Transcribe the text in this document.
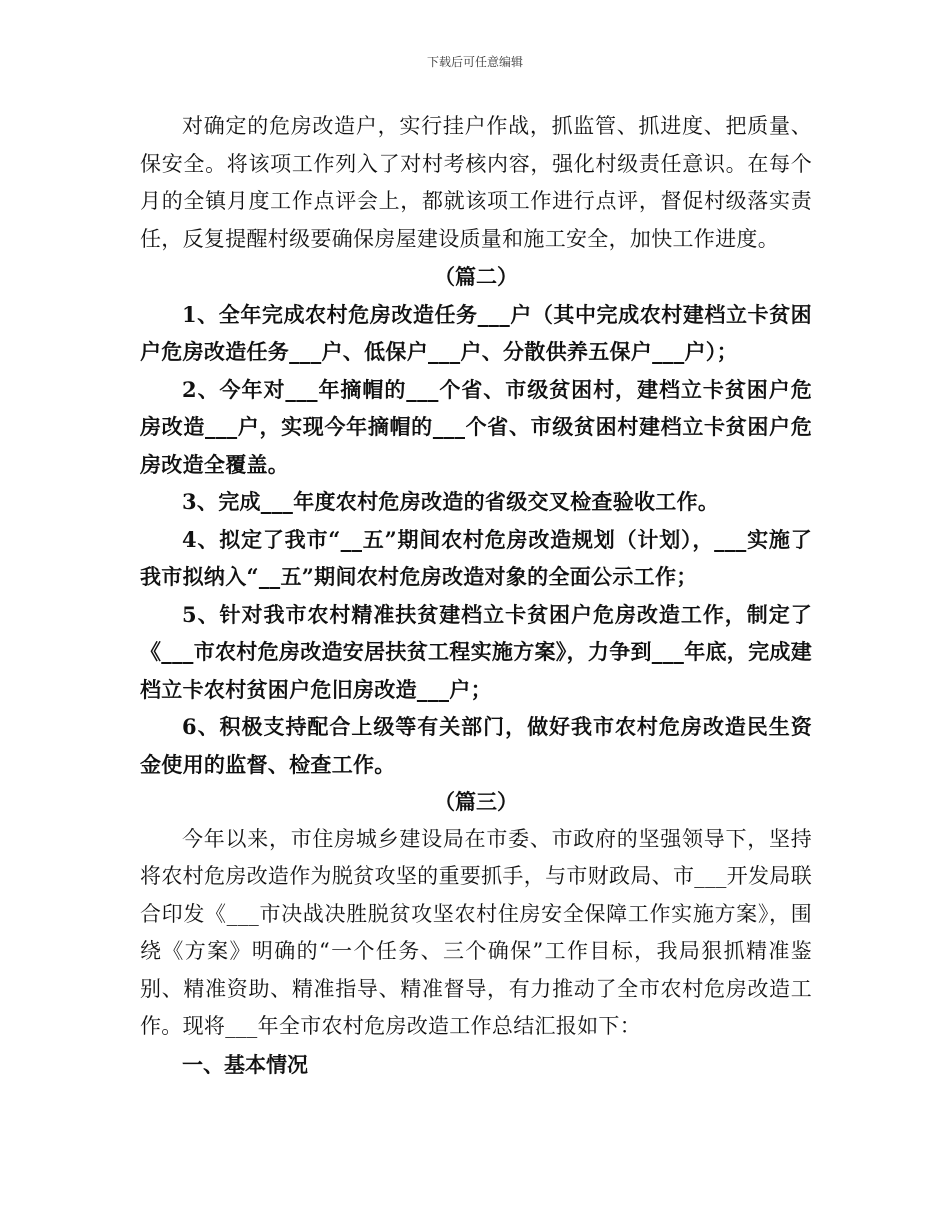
下载后可任意编辑

对确定的危房改造户，实行挂户作战，抓监管、抓进度、把质量、保安全。将该项工作列入了对村考核内容，强化村级责任意识。在每个月的全镇月度工作点评会上，都就该项工作进行点评，督促村级落实责任，反复提醒村级要确保房屋建设质量和施工安全，加快工作进度。

（篇二）

1、全年完成农村危房改造任务___户（其中完成农村建档立卡贫困户危房改造任务___户、低保户___户、分散供养五保户___户）；

2、今年对___年摘帽的___个省、市级贫困村，建档立卡贫困户危房改造___户，实现今年摘帽的___个省、市级贫困村建档立卡贫困户危房改造全覆盖。

3、完成___年度农村危房改造的省级交叉检查验收工作。

4、拟定了我市“__五”期间农村危房改造规划（计划），___实施了我市拟纳入“__五”期间农村危房改造对象的全面公示工作；

5、针对我市农村精准扶贫建档立卡贫困户危房改造工作，制定了《___市农村危房改造安居扶贫工程实施方案》，力争到___年底，完成建档立卡农村贫困户危旧房改造___户；

6、积极支持配合上级等有关部门，做好我市农村危房改造民生资金使用的监督、检查工作。

（篇三）

今年以来，市住房城乡建设局在市委、市政府的坚强领导下，坚持将农村危房改造作为脱贫攻坚的重要抓手，与市财政局、市___开发局联合印发《___市决战决胜脱贫攻坚农村住房安全保障工作实施方案》，围绕《方案》明确的“一个任务、三个确保”工作目标，我局狠抓精准鉴别、精准资助、精准指导、精准督导，有力推动了全市农村危房改造工作。现将___年全市农村危房改造工作总结汇报如下：

一、基本情况
